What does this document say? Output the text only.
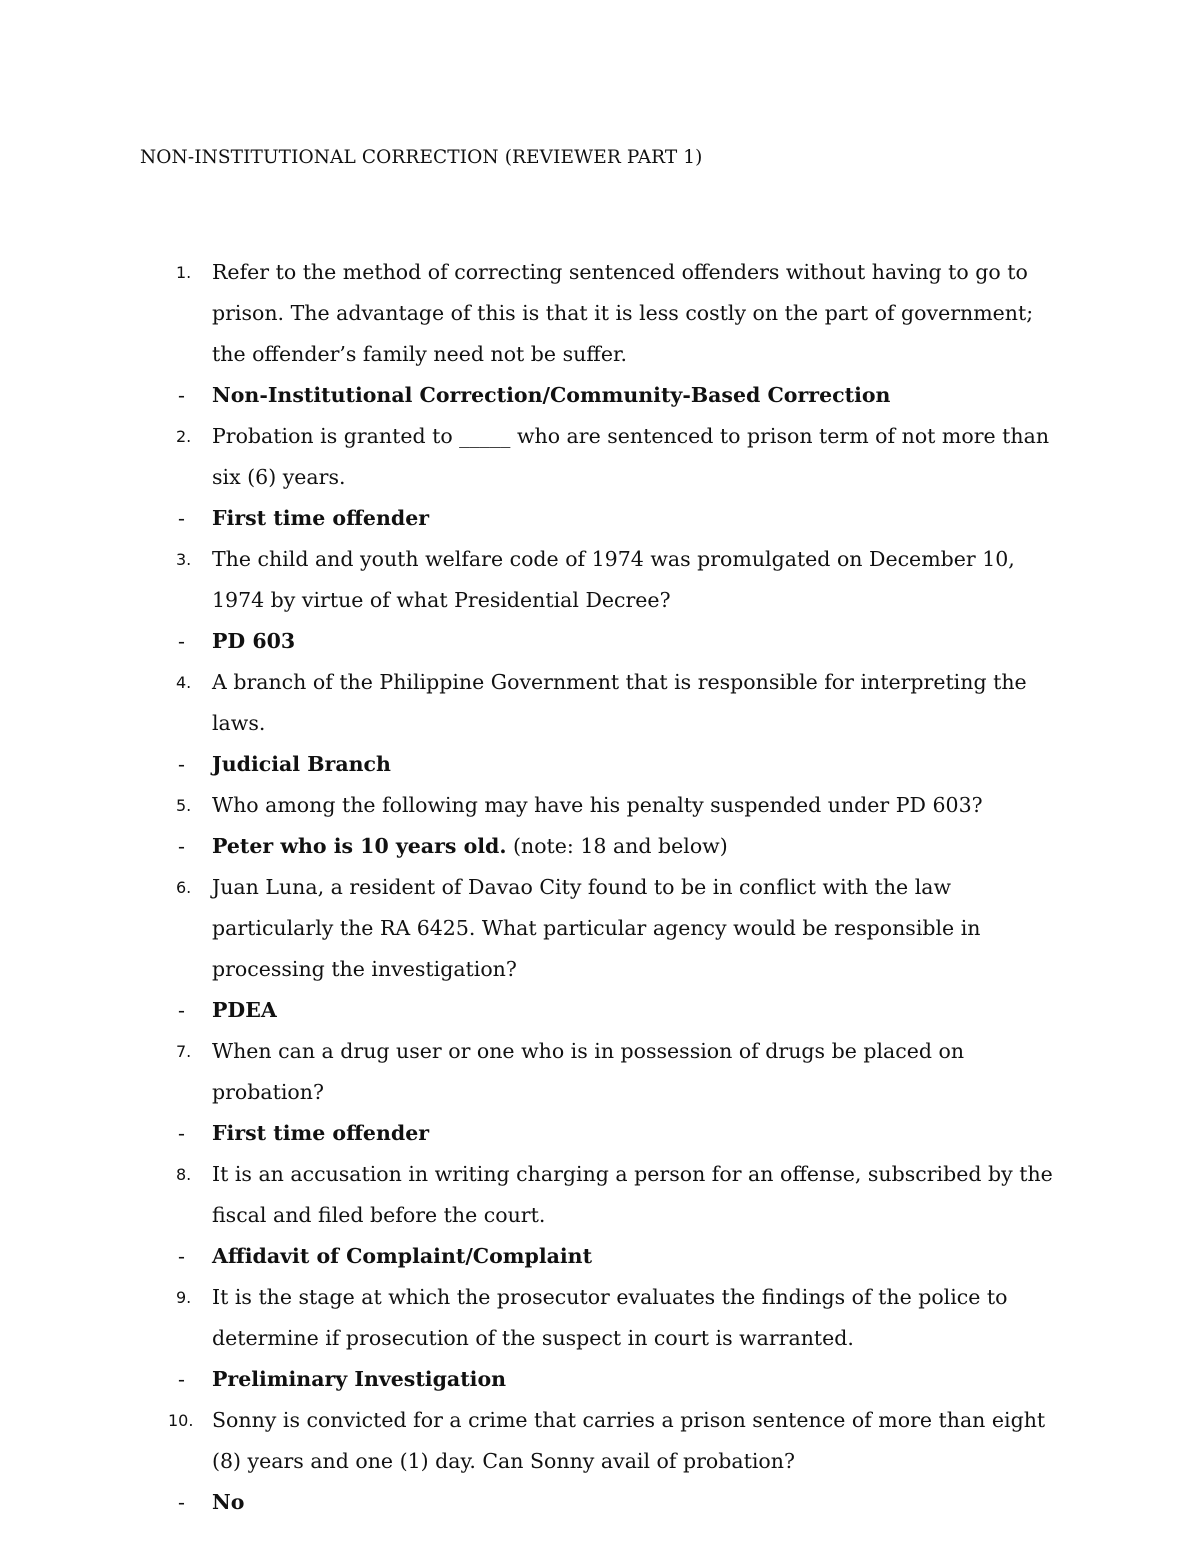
NON-INSTITUTIONAL CORRECTION (REVIEWER PART 1)
1. Refer to the method of correcting sentenced offenders without having to go to prison. The advantage of this is that it is less costly on the part of government; the offender’s family need not be suffer.
- Non-Institutional Correction/Community-Based Correction
2. Probation is granted to _____ who are sentenced to prison term of not more than six (6) years.
- First time offender
3. The child and youth welfare code of 1974 was promulgated on December 10, 1974 by virtue of what Presidential Decree?
- PD 603
4. A branch of the Philippine Government that is responsible for interpreting the laws.
- Judicial Branch
5. Who among the following may have his penalty suspended under PD 603?
- Peter who is 10 years old. (note: 18 and below)
6. Juan Luna, a resident of Davao City found to be in conflict with the law particularly the RA 6425. What particular agency would be responsible in processing the investigation?
- PDEA
7. When can a drug user or one who is in possession of drugs be placed on probation?
- First time offender
8. It is an accusation in writing charging a person for an offense, subscribed by the fiscal and filed before the court.
- Affidavit of Complaint/Complaint
9. It is the stage at which the prosecutor evaluates the findings of the police to determine if prosecution of the suspect in court is warranted.
- Preliminary Investigation
10. Sonny is convicted for a crime that carries a prison sentence of more than eight (8) years and one (1) day. Can Sonny avail of probation?
- No
